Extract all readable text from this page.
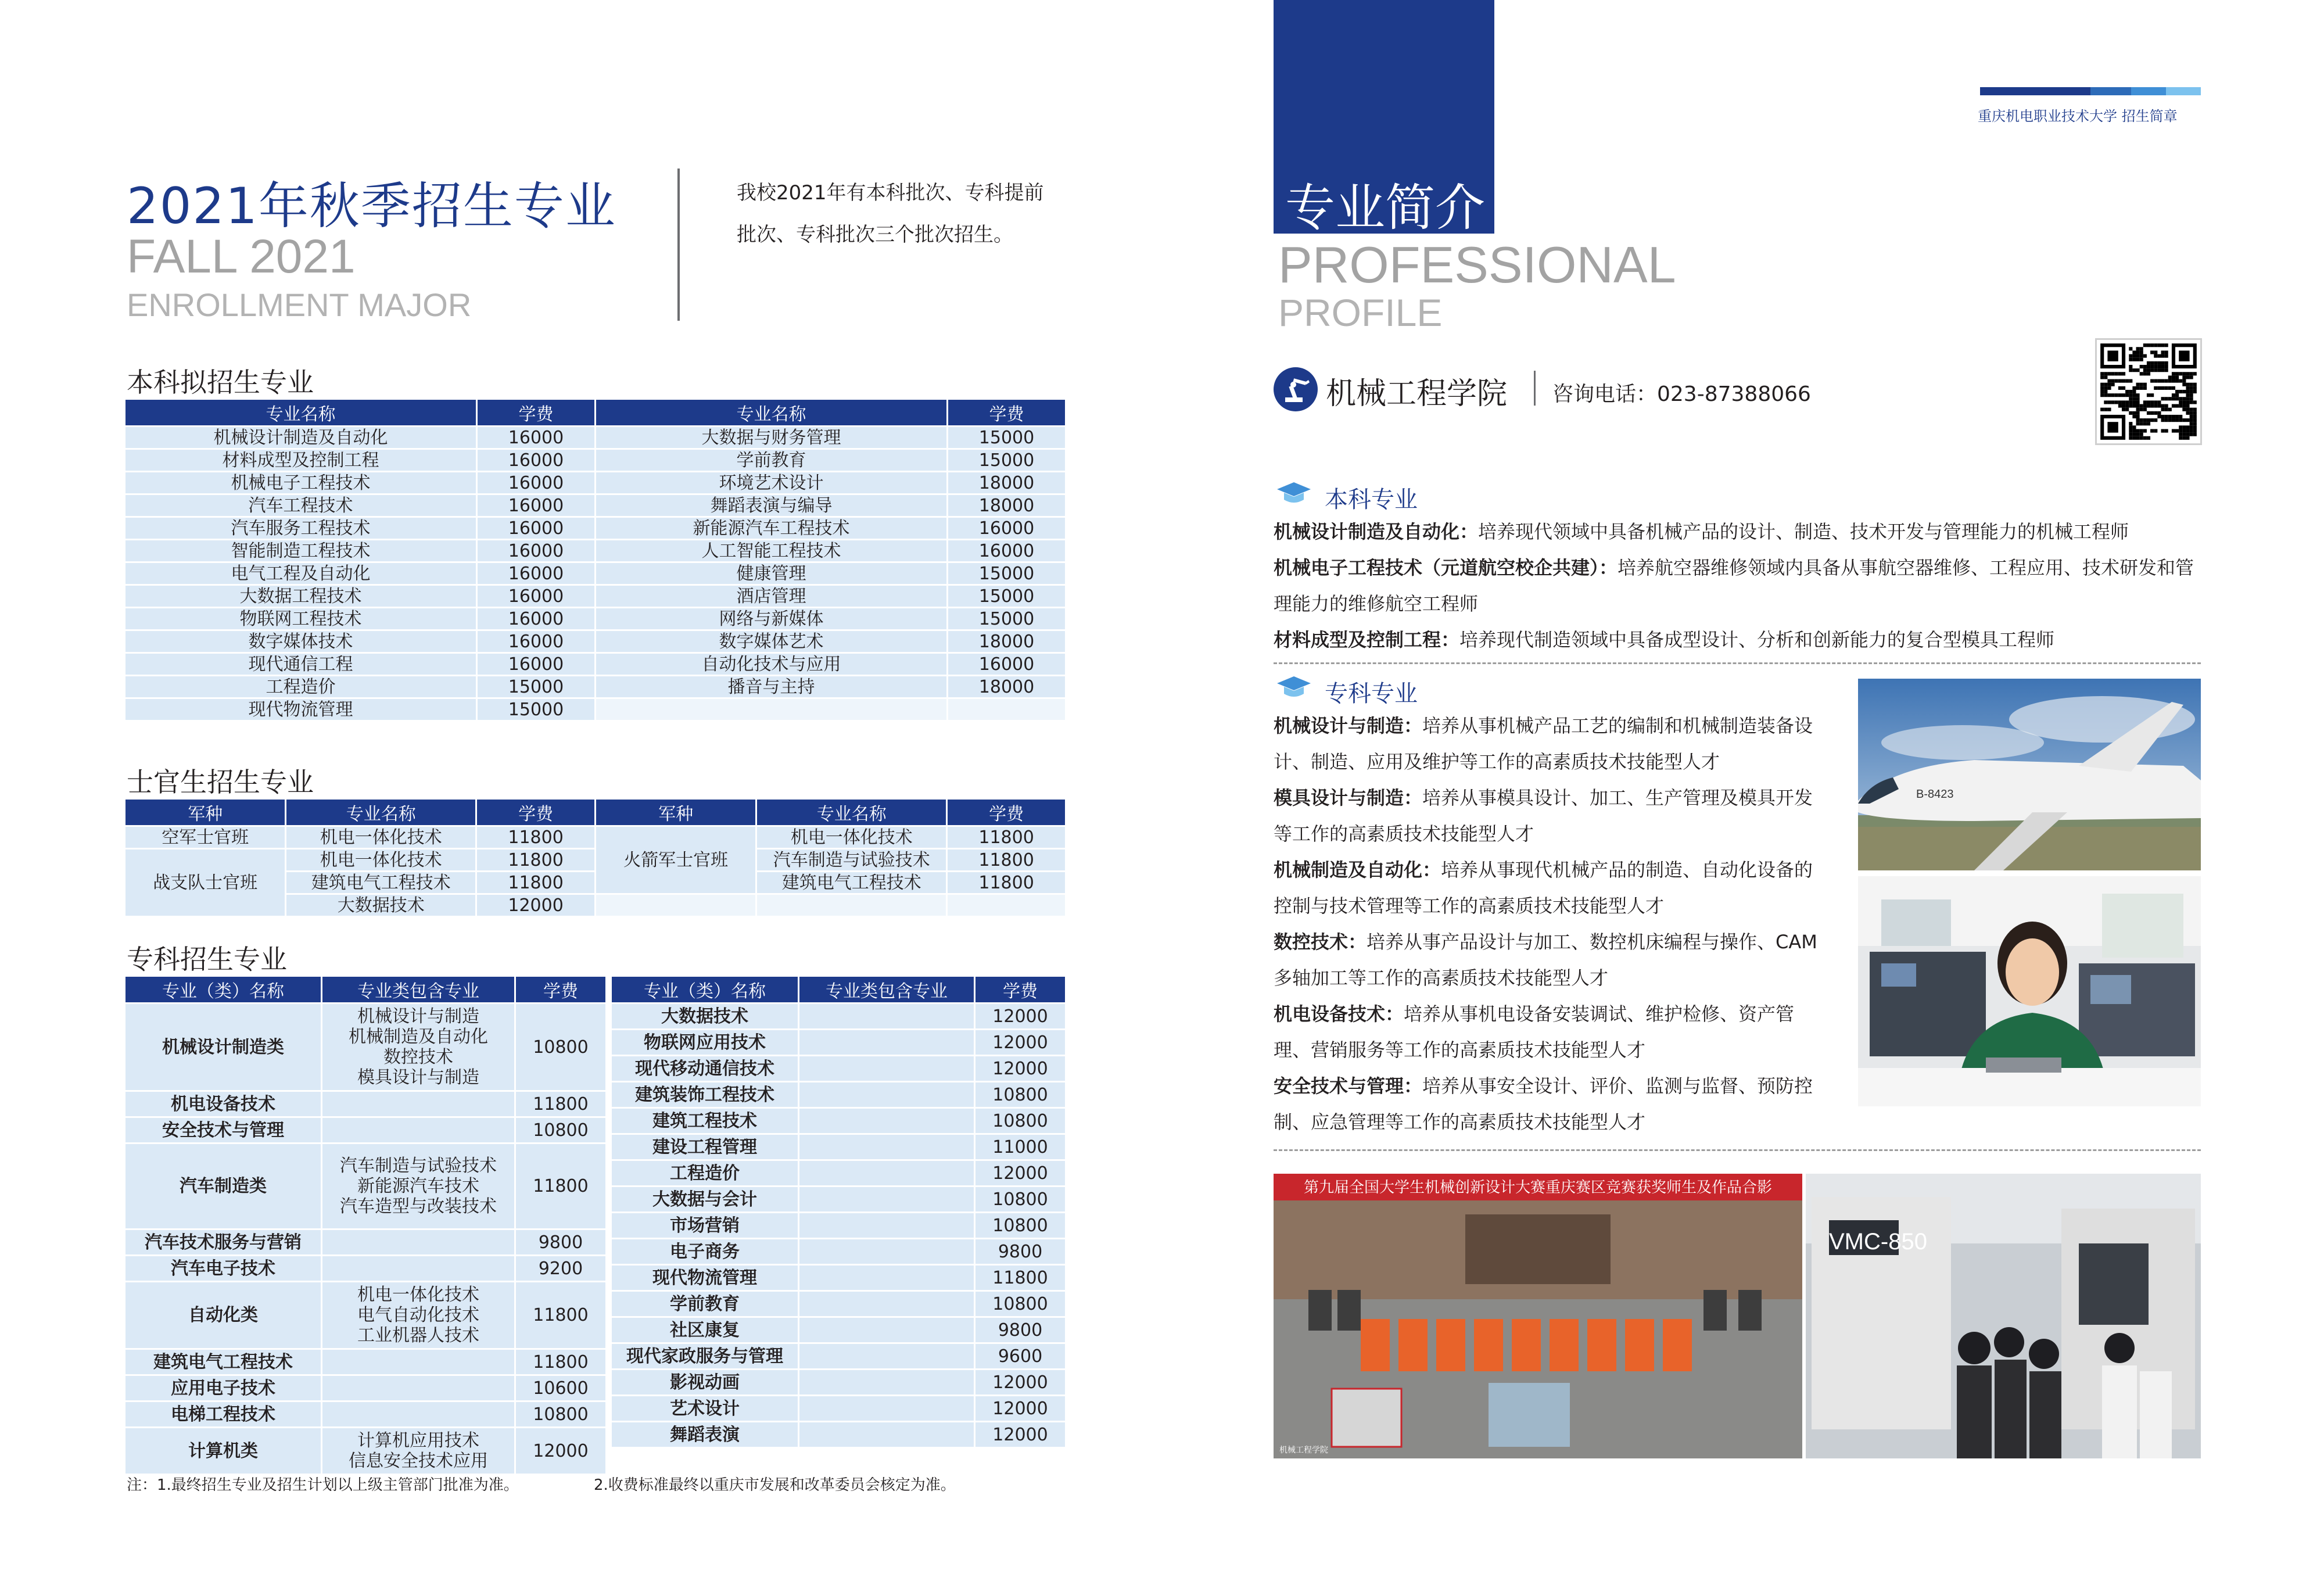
2021年秋季招生专业
FALL 2021
ENROLLMENT MAJOR
我校2021年有本科批次、专科提前
批次、专科批次三个批次招生。
本科拟招生专业
专业名称	学费	专业名称	学费
机械设计制造及自动化	16000	大数据与财务管理	15000
材料成型及控制工程	16000	学前教育	15000
机械电子工程技术	16000	环境艺术设计	18000
汽车工程技术	16000	舞蹈表演与编导	18000
汽车服务工程技术	16000	新能源汽车工程技术	16000
智能制造工程技术	16000	人工智能工程技术	16000
电气工程及自动化	16000	健康管理	15000
大数据工程技术	16000	酒店管理	15000
物联网工程技术	16000	网络与新媒体	15000
数字媒体技术	16000	数字媒体艺术	18000
现代通信工程	16000	自动化技术与应用	16000
工程造价	15000	播音与主持	18000
现代物流管理	15000		
士官生招生专业
军种	专业名称	学费	军种	专业名称	学费
空军士官班	机电一体化技术	11800	火箭军士官班	机电一体化技术	11800
战支队士官班	机电一体化技术	11800		汽车制造与试验技术	11800
	建筑电气工程技术	11800		建筑电气工程技术	11800
	大数据技术	12000			
专科招生专业
专业（类）名称	专业类包含专业	学费
机械设计制造类	机械设计与制造
机械制造及自动化
数控技术
模具设计与制造	10800
机电设备技术		11800
安全技术与管理		10800
汽车制造类	汽车制造与试验技术
新能源汽车技术
汽车造型与改装技术	11800
汽车技术服务与营销		9800
汽车电子技术		9200
自动化类	机电一体化技术
电气自动化技术
工业机器人技术	11800
建筑电气工程技术		11800
应用电子技术		10600
电梯工程技术		10800
计算机类	计算机应用技术
信息安全技术应用	12000
专业（类）名称	专业类包含专业	学费
大数据技术		12000
物联网应用技术		12000
现代移动通信技术		12000
建筑装饰工程技术		10800
建筑工程技术		10800
建设工程管理		11000
工程造价		12000
大数据与会计		10800
市场营销		10800
电子商务		9800
现代物流管理		11800
学前教育		10800
社区康复		9800
现代家政服务与管理		9600
影视动画		12000
艺术设计		12000
舞蹈表演		12000
注：1.最终招生专业及招生计划以上级主管部门批准为准。	2.收费标准最终以重庆市发展和改革委员会核定为准。
重庆机电职业技术大学 招生简章
专业简介
PROFESSIONAL
PROFILE
机械工程学院 咨询电话：023-87388066
本科专业
机械设计制造及自动化：培养现代领域中具备机械产品的设计、制造、技术开发与管理能力的机械工程师
机械电子工程技术（元道航空校企共建）：培养航空器维修领域内具备从事航空器维修、工程应用、技术研发和管理能力的维修航空工程师
材料成型及控制工程：培养现代制造领域中具备成型设计、分析和创新能力的复合型模具工程师
专科专业
机械设计与制造：培养从事机械产品工艺的编制和机械制造装备设计、制造、应用及维护等工作的高素质技术技能型人才
模具设计与制造：培养从事模具设计、加工、生产管理及模具开发等工作的高素质技术技能型人才
机械制造及自动化：培养从事现代机械产品的制造、自动化设备的控制与技术管理等工作的高素质技术技能型人才
数控技术：培养从事产品设计与加工、数控机床编程与操作、CAM多轴加工等工作的高素质技术技能型人才
机电设备技术：培养从事机电设备安装调试、维护检修、资产管理、营销服务等工作的高素质技术技能型人才
安全技术与管理：培养从事安全设计、评价、监测与监督、预防控制、应急管理等工作的高素质技术技能型人才
B-8423
第九届全国大学生机械创新设计大赛重庆赛区竞赛获奖师生及作品合影
机械工程学院
VMC-850
